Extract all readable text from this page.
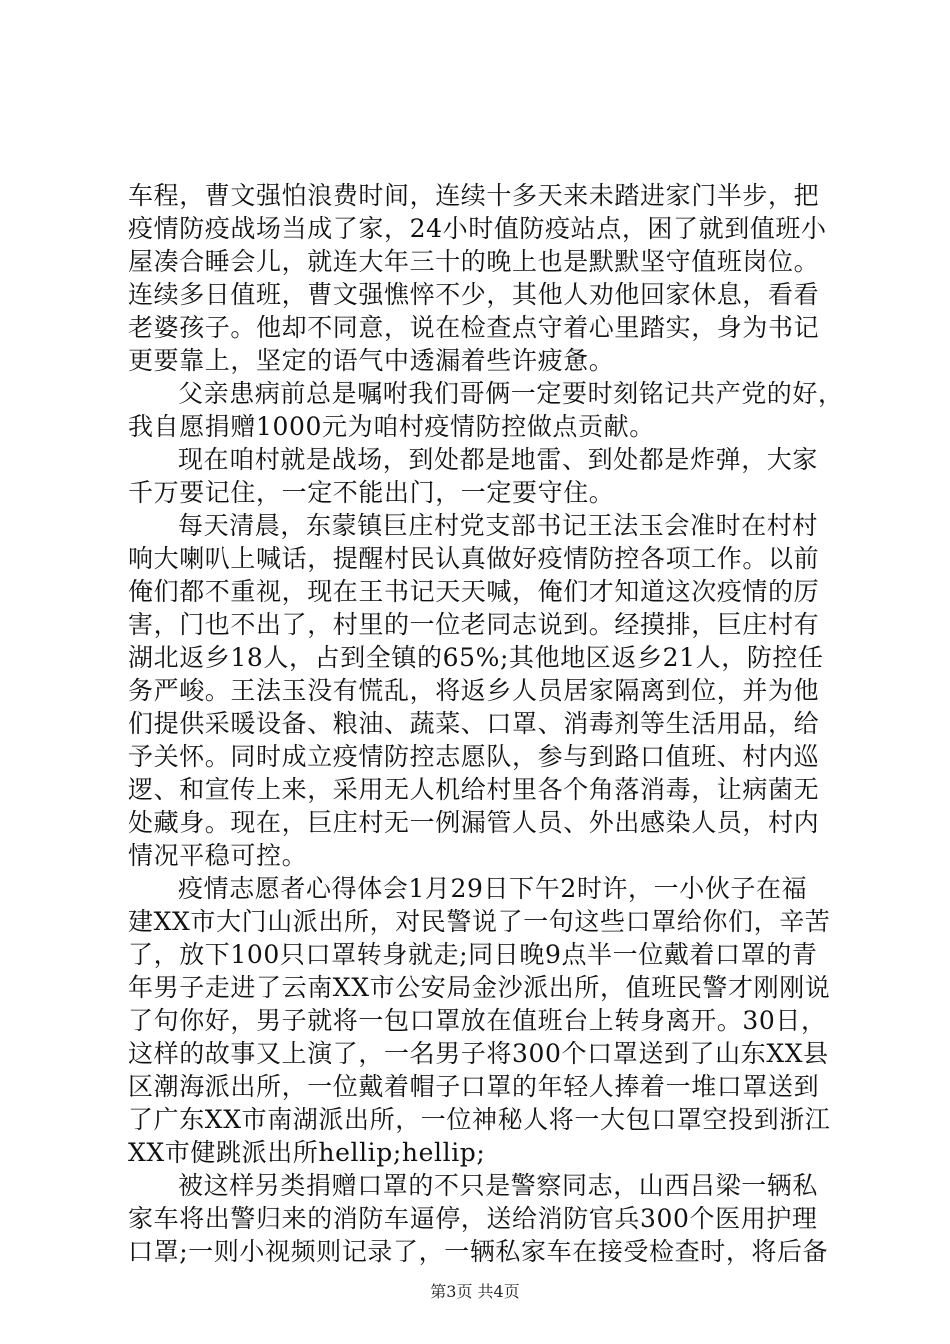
车程，曹文强怕浪费时间，连续十多天来未踏进家门半步，把
疫情防疫战场当成了家，24小时值防疫站点，困了就到值班小
屋凑合睡会儿，就连大年三十的晚上也是默默坚守值班岗位。
连续多日值班，曹文强憔悴不少，其他人劝他回家休息，看看
老婆孩子。他却不同意，说在检查点守着心里踏实，身为书记
更要靠上，坚定的语气中透漏着些许疲惫。
父亲患病前总是嘱咐我们哥俩一定要时刻铭记共产党的好，
我自愿捐赠1000元为咱村疫情防控做点贡献。
现在咱村就是战场，到处都是地雷、到处都是炸弹，大家
千万要记住，一定不能出门，一定要守住。
每天清晨，东蒙镇巨庄村党支部书记王法玉会准时在村村
响大喇叭上喊话，提醒村民认真做好疫情防控各项工作。以前
俺们都不重视，现在王书记天天喊，俺们才知道这次疫情的厉
害，门也不出了，村里的一位老同志说到。经摸排，巨庄村有
湖北返乡18人，占到全镇的65%;其他地区返乡21人，防控任
务严峻。王法玉没有慌乱，将返乡人员居家隔离到位，并为他
们提供采暖设备、粮油、蔬菜、口罩、消毒剂等生活用品，给
予关怀。同时成立疫情防控志愿队，参与到路口值班、村内巡
逻、和宣传上来，采用无人机给村里各个角落消毒，让病菌无
处藏身。现在，巨庄村无一例漏管人员、外出感染人员，村内
情况平稳可控。
疫情志愿者心得体会1月29日下午2时许，一小伙子在福
建XX市大门山派出所，对民警说了一句这些口罩给你们，辛苦
了，放下100只口罩转身就走;同日晚9点半一位戴着口罩的青
年男子走进了云南XX市公安局金沙派出所，值班民警才刚刚说
了句你好，男子就将一包口罩放在值班台上转身离开。30日，
这样的故事又上演了，一名男子将300个口罩送到了山东XX县
区潮海派出所，一位戴着帽子口罩的年轻人捧着一堆口罩送到
了广东XX市南湖派出所，一位神秘人将一大包口罩空投到浙江
XX市健跳派出所hellip;hellip;
被这样另类捐赠口罩的不只是警察同志，山西吕梁一辆私
家车将出警归来的消防车逼停，送给消防官兵300个医用护理
口罩;一则小视频则记录了，一辆私家车在接受检查时，将后备
第3页 共4页
